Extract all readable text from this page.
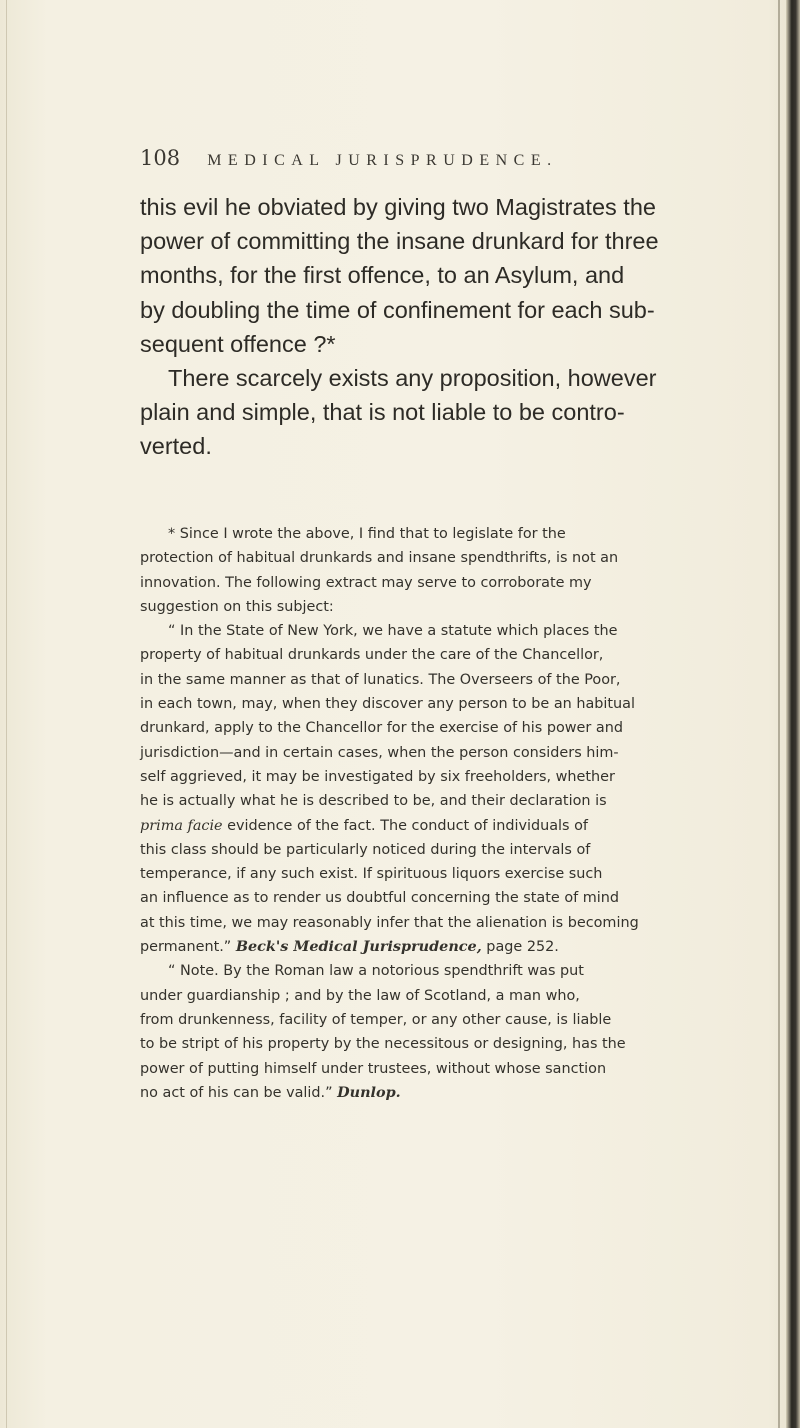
108 MEDICAL JURISPRUDENCE.

this evil he obviated by giving two Magistrates the
power of committing the insane drunkard for three
months, for the first offence, to an Asylum, and
by doubling the time of confinement for each sub-
sequent offence ?*

There scarcely exists any proposition, however
plain and simple, that is not liable to be contro-
verted.

* Since I wrote the above, I find that to legislate for the
protection of habitual drunkards and insane spendthrifts, is not an
innovation. The following extract may serve to corroborate my
suggestion on this subject:

“ In the State of New York, we have a statute which places the
property of habitual drunkards under the care of the Chancellor,
in the same manner as that of lunatics. The Overseers of the Poor,
in each town, may, when they discover any person to be an habitual
drunkard, apply to the Chancellor for the exercise of his power and
jurisdiction—and in certain cases, when the person considers him-
self aggrieved, it may be investigated by six freeholders, whether
he is actually what he is described to be, and their declaration is
prima facie evidence of the fact. The conduct of individuals of
this class should be particularly noticed during the intervals of
temperance, if any such exist. If spirituous liquors exercise such
an influence as to render us doubtful concerning the state of mind
at this time, we may reasonably infer that the alienation is becoming
permanent.” Beck's Medical Jurisprudence, page 252.

“ Note. By the Roman law a notorious spendthrift was put
under guardianship ; and by the law of Scotland, a man who,
from drunkenness, facility of temper, or any other cause, is liable
to be stript of his property by the necessitous or designing, has the
power of putting himself under trustees, without whose sanction
no act of his can be valid.” Dunlop.
